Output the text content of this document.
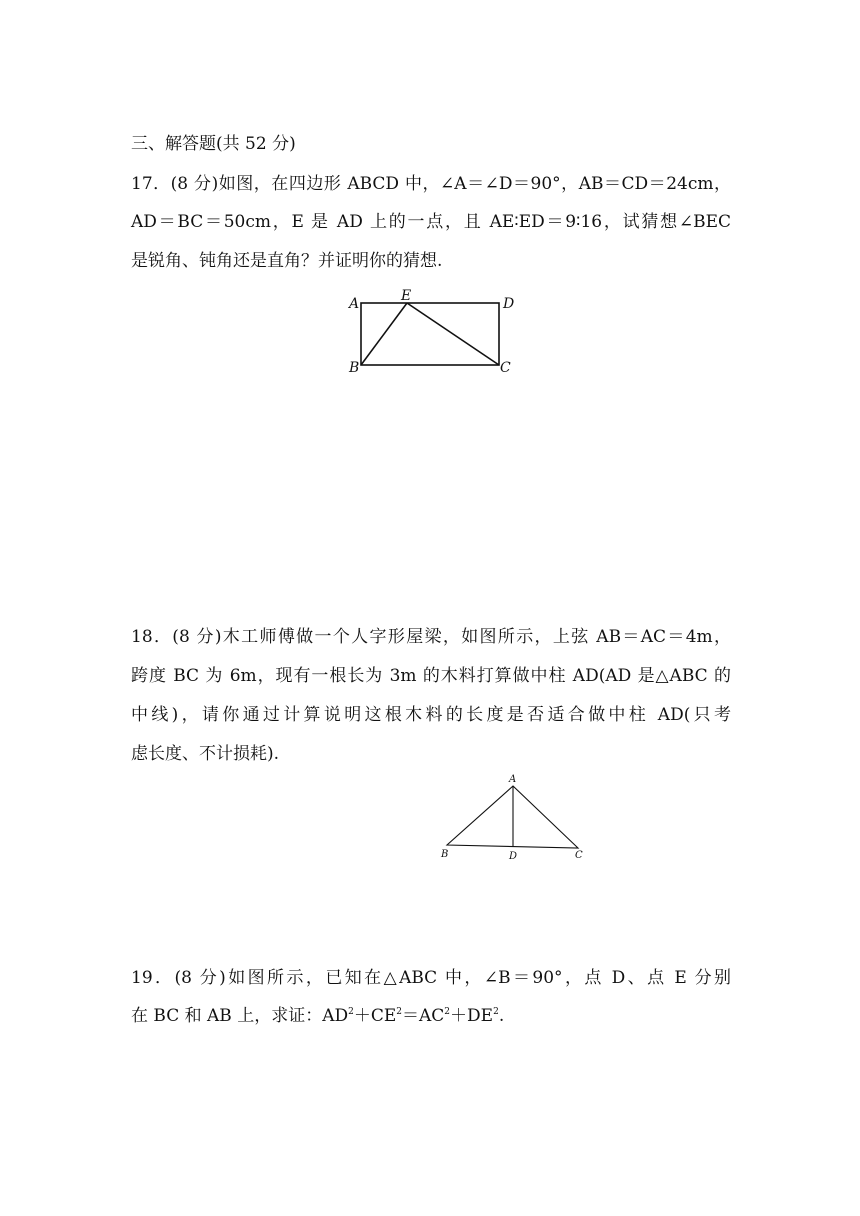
三、解答题(共 52 分)
17．(8 分)如图，在四边形 ABCD 中，∠A＝∠D＝90°，AB＝CD＝24cm，
AD＝BC＝50cm，E 是 AD 上的一点，且 AE∶ED＝9∶16，试猜想∠BEC
是锐角、钝角还是直角？并证明你的猜想.
A	E	D
B	C
18．(8 分)木工师傅做一个人字形屋梁，如图所示，上弦 AB＝AC＝4m，
跨度 BC 为 6m，现有一根长为 3m 的木料打算做中柱 AD(AD 是△ABC 的
中线)，请你通过计算说明这根木料的长度是否适合做中柱 AD(只考
虑长度、不计损耗).
A
B	D	C
19．(8 分)如图所示，已知在△ABC 中，∠B＝90°，点 D、点 E 分别
在 BC 和 AB 上，求证：$AD^2+CE^2=AC^2+DE^2$.
